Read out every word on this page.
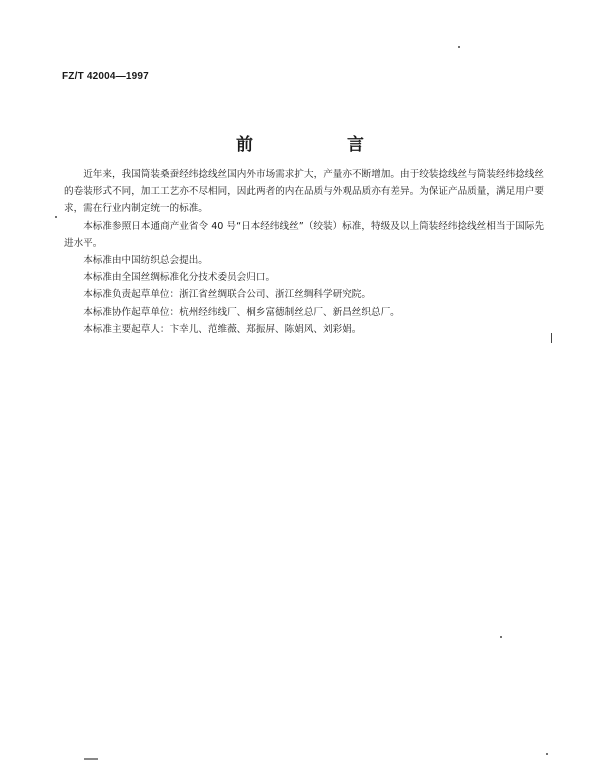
FZ/T 42004—1997
前 言

近年来，我国筒装桑蚕经纬捻线丝国内外市场需求扩大，产量亦不断增加。由于绞装捻线丝与筒装经纬捻线丝的卷装形式不同，加工工艺亦不尽相同，因此两者的内在品质与外观品质亦有差异。为保证产品质量，满足用户要求，需在行业内制定统一的标准。

本标准参照日本通商产业省令 40 号“日本经纬线丝”（绞装）标准，特级及以上筒装经纬捻线丝相当于国际先进水平。

本标准由中国纺织总会提出。

本标准由全国丝绸标准化分技术委员会归口。

本标准负责起草单位：浙江省丝绸联合公司、浙江丝绸科学研究院。

本标准协作起草单位：杭州经纬线厂、桐乡富德制丝总厂、新昌丝织总厂。

本标准主要起草人：卞幸儿、范维薇、郑振屏、陈娟风、刘彩娟。
